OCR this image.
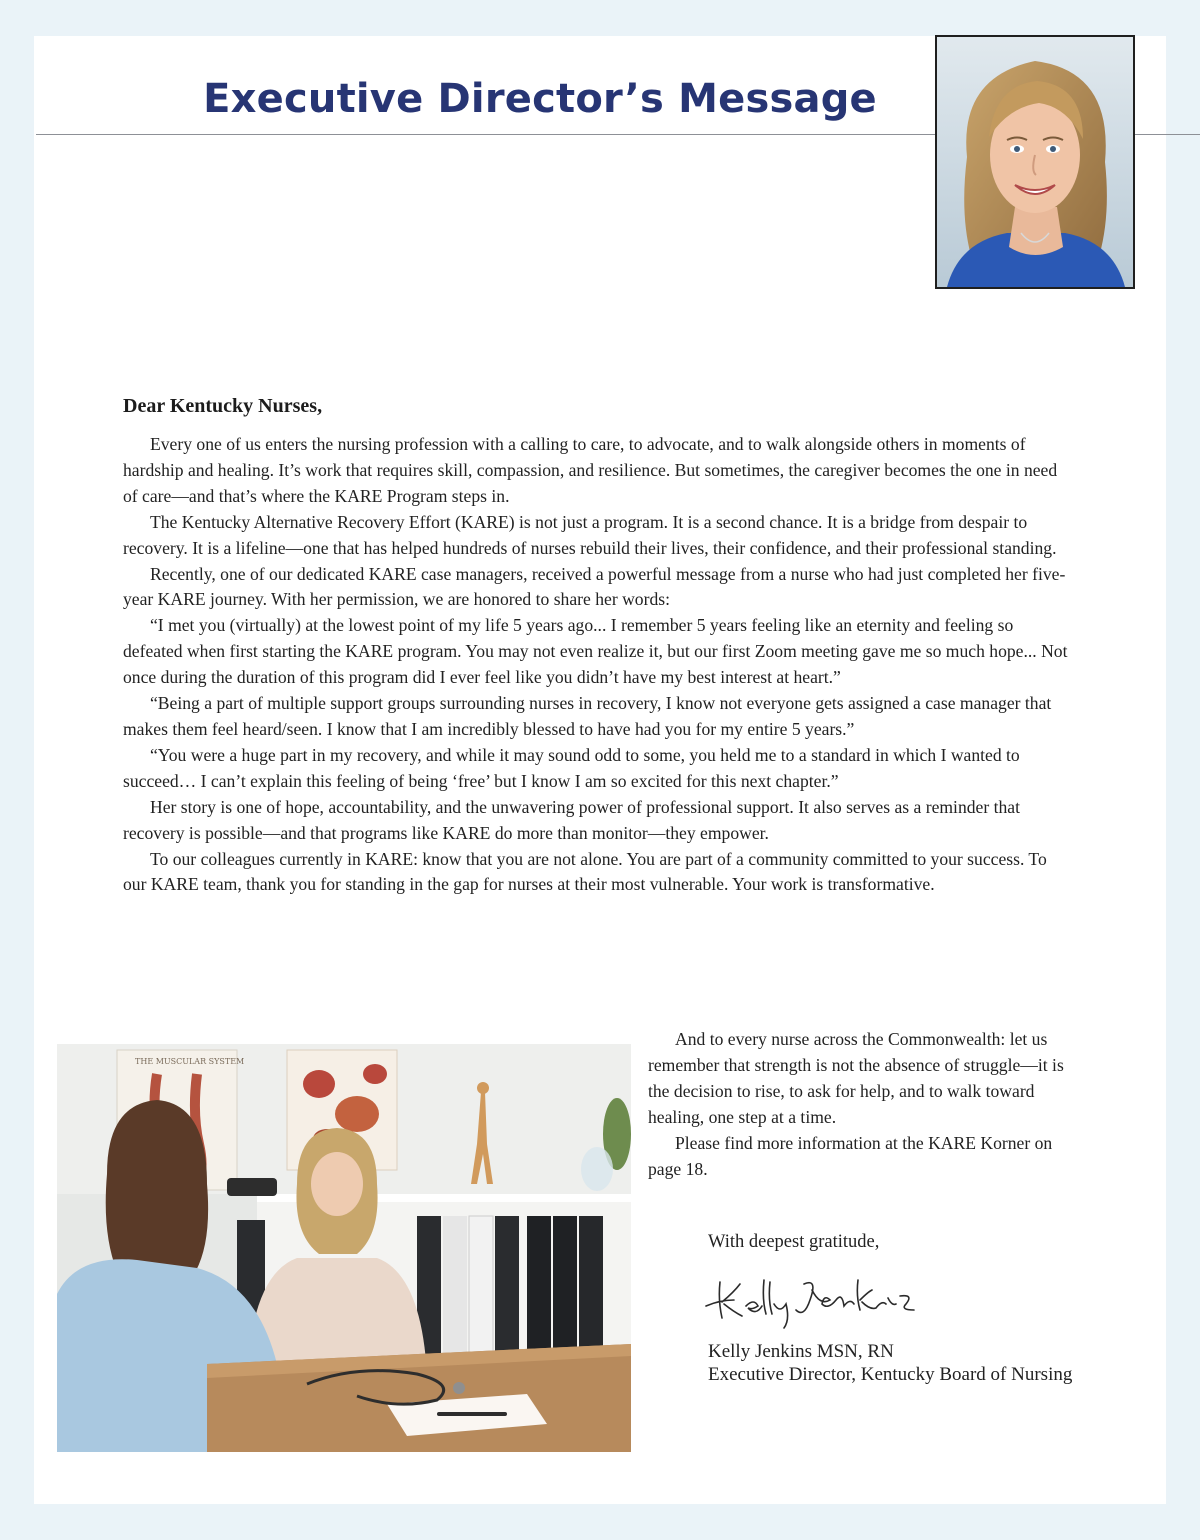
Executive Director’s Message

Dear Kentucky Nurses,

Every one of us enters the nursing profession with a calling to care, to advocate, and to walk alongside others in moments of hardship and healing. It’s work that requires skill, compassion, and resilience. But sometimes, the caregiver becomes the one in need of care—and that’s where the KARE Program steps in.

The Kentucky Alternative Recovery Effort (KARE) is not just a program. It is a second chance. It is a bridge from despair to recovery. It is a lifeline—one that has helped hundreds of nurses rebuild their lives, their confidence, and their professional standing.

Recently, one of our dedicated KARE case managers, received a powerful message from a nurse who had just completed her five-year KARE journey. With her permission, we are honored to share her words:

“I met you (virtually) at the lowest point of my life 5 years ago... I remember 5 years feeling like an eternity and feeling so defeated when first starting the KARE program. You may not even realize it, but our first Zoom meeting gave me so much hope... Not once during the duration of this program did I ever feel like you didn’t have my best interest at heart.”

“Being a part of multiple support groups surrounding nurses in recovery, I know not everyone gets assigned a case manager that makes them feel heard/seen. I know that I am incredibly blessed to have had you for my entire 5 years.”

“You were a huge part in my recovery, and while it may sound odd to some, you held me to a standard in which I wanted to succeed… I can’t explain this feeling of being ‘free’ but I know I am so excited for this next chapter.”

Her story is one of hope, accountability, and the unwavering power of professional support. It also serves as a reminder that recovery is possible—and that programs like KARE do more than monitor—they empower.

To our colleagues currently in KARE: know that you are not alone. You are part of a community committed to your success. To our KARE team, thank you for standing in the gap for nurses at their most vulnerable. Your work is transformative.

THE MUSCULAR SYSTEM

And to every nurse across the Commonwealth: let us remember that strength is not the absence of struggle—it is the decision to rise, to ask for help, and to walk toward healing, one step at a time.

Please find more information at the KARE Korner on page 18.

With deepest gratitude,

Kelly Jenkins MSN, RN
Executive Director, Kentucky Board of Nursing
